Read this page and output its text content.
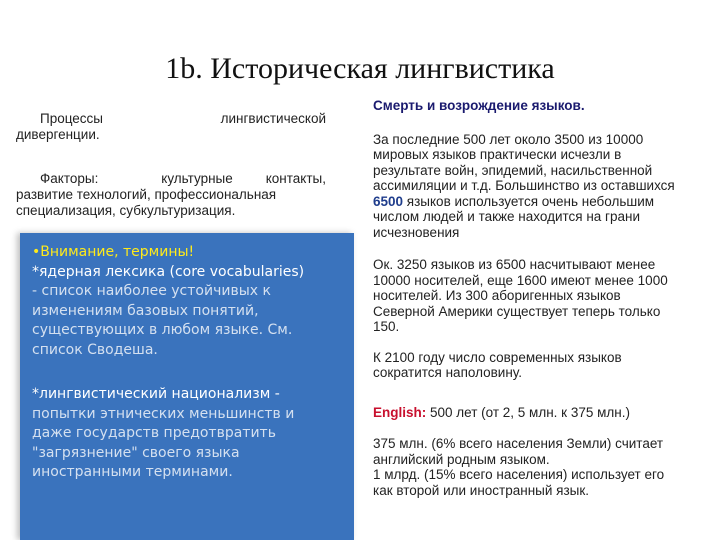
1b. Историческая лингвистика
Процессы	лингвистической
дивергенции.
Факторы:	культурные контакты,
развитие технологий, профессиональная
специализация, субкультуризация.
•Внимание, термины!
*ядерная лексика (core vocabularies)
- список наиболее устойчивых к
изменениям базовых понятий,
существующих в любом языке. См.
список Сводеша.
*лингвистический национализм -
попытки этнических меньшинств и
даже государств предотвратить
"загрязнение" своего языка
иностранными терминами.
Смерть и возрождение языков.
За последние 500 лет около 3500 из 10000
мировых языков практически исчезли в
результате войн, эпидемий, насильственной
ассимиляции и т.д. Большинство из оставшихся
6500 языков используется очень небольшим
числом людей и также находится на грани
исчезновения
Ок. 3250 языков из 6500 насчитывают менее
10000 носителей, еще 1600 имеют менее 1000
носителей. Из 300 аборигенных языков
Северной Америки существует теперь только
150.
К 2100 году число современных языков
сократится наполовину.
English: 500 лет (от 2, 5 млн. к 375 млн.)
375 млн. (6% всего населения Земли) считает
английский родным языком.
1 млрд. (15% всего населения) использует его
как второй или иностранный язык.
